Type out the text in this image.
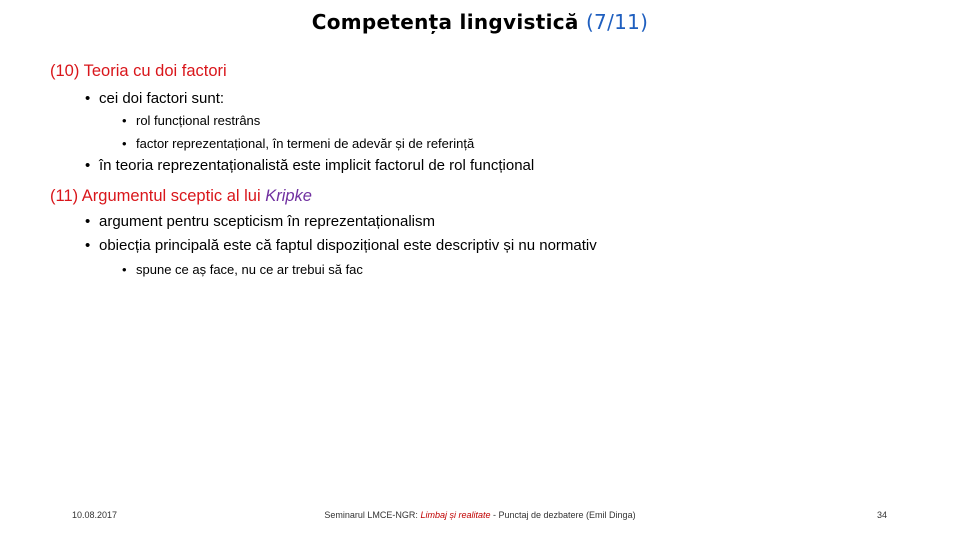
Competența lingvistică (7/11)
(10) Teoria cu doi factori
• cei doi factori sunt:
• rol funcțional restrâns
• factor reprezentațional, în termeni de adevăr și de referință
• în teoria reprezentaționalistă este implicit factorul de rol funcțional
(11) Argumentul sceptic al lui Kripke
• argument pentru scepticism în reprezentaționalism
• obiecția principală este că faptul dispozițional este descriptiv și nu normativ
• spune ce aș face, nu ce ar trebui să fac
10.08.2017	Seminarul LMCE-NGR: Limbaj și realitate - Punctaj de dezbatere (Emil Dinga)	34
